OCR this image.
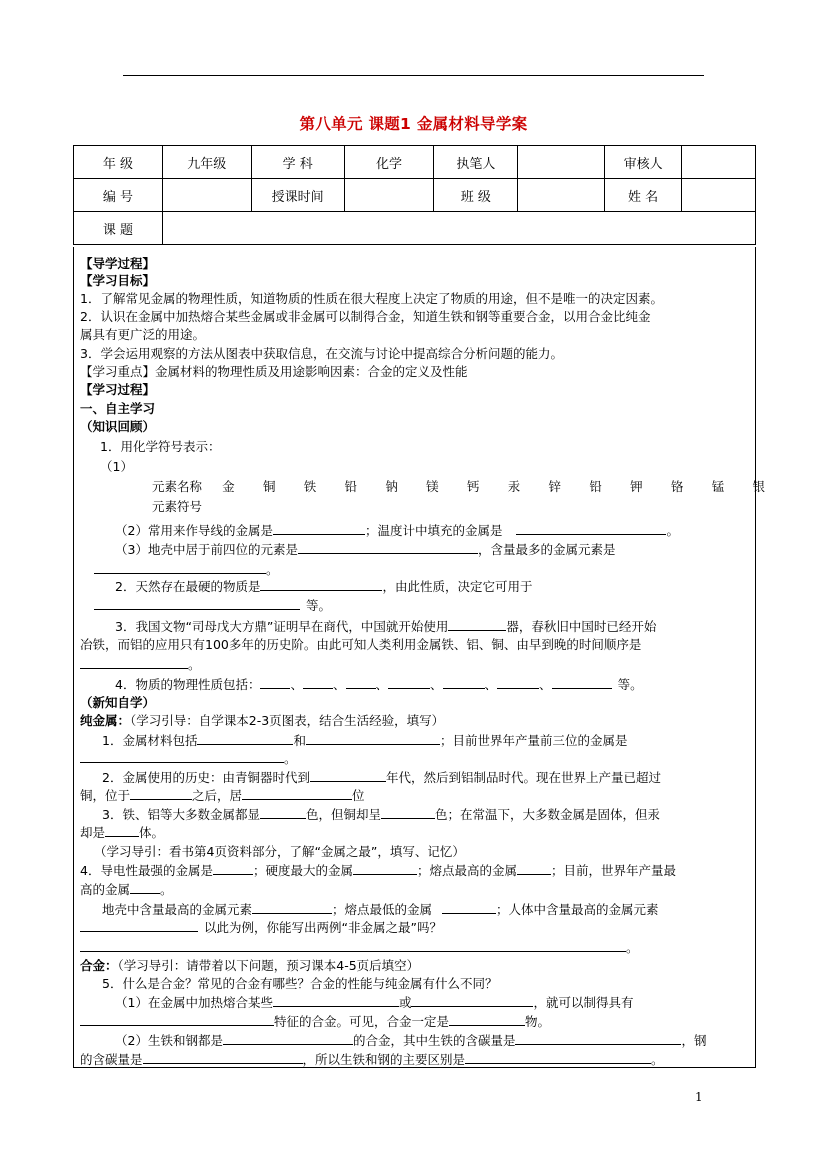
第八单元 课题1 金属材料导学案
年 级	九年级	学 科	化学	执笔人		审核人	
编 号		授课时间		班 级		姓 名	
课 题							
【导学过程】
【学习目标】
1．了解常见金属的物理性质，知道物质的性质在很大程度上决定了物质的用途，但不是唯一的决定因素。
2．认识在金属中加热熔合某些金属或非金属可以制得合金，知道生铁和钢等重要合金，以用合金比纯金
属具有更广泛的用途。
3．学会运用观察的方法从图表中获取信息，在交流与讨论中提高综合分析问题的能力。
【学习重点】金属材料的物理性质及用途影响因素：合金的定义及性能
【学习过程】
一、自主学习
（知识回顾）
1．用化学符号表示：
（1）
元素名称 金 铜 铁 铅 钠 镁 钙 汞 锌 铅 钾 铬 锰 银
元素符号
（2）常用来作导线的金属是	；温度计中填充的金属是	。
（3）地壳中居于前四位的元素是	，含量最多的金属元素是
。
2．天然存在最硬的物质是	，由此性质，决定它可用于
等。
3．我国文物“司母戊大方鼎”证明早在商代，中国就开始使用	器，春秋旧中国时已经开始
冶铁，而铝的应用只有100多年的历史阶。由此可知人类利用金属铁、铝、铜、由早到晚的时间顺序是
。
4．物质的物理性质包括： 、 、 、	、	、	、	等。
（新知自学）
纯金属：（学习引导：自学课本2-3页图表，结合生活经验，填写）
1．金属材料包括	和	；目前世界年产量前三位的金属是
。
2．金属使用的历史：由青铜器时代到	年代，然后到铝制品时代。现在世界上产量已超过
铜，位于	之后，居	位
3．铁、铝等大多数金属都显	色，但铜却呈	色；在常温下，大多数金属是固体，但汞
却是	体。
（学习导引：看书第4页资料部分，了解“金属之最”，填写、记忆）
4．导电性最强的金属是	；硬度最大的金属	；熔点最高的金属	；目前，世界年产量最
高的金属 。
地壳中含量最高的金属元素	；熔点最低的金属	；人体中含量最高的金属元素
以此为例，你能写出两例“非金属之最”吗？
。
合金：（学习导引：请带着以下问题，预习课本4-5页后填空）
5．什么是合金？常见的合金有哪些？合金的性能与纯金属有什么不同？
（1）在金属中加热熔合某些	或	，就可以制得具有
特征的合金。可见，合金一定是	物。
（2）生铁和钢都是	的合金，其中生铁的含碳量是	，钢
的含碳量是	，所以生铁和钢的主要区别是	。
1
